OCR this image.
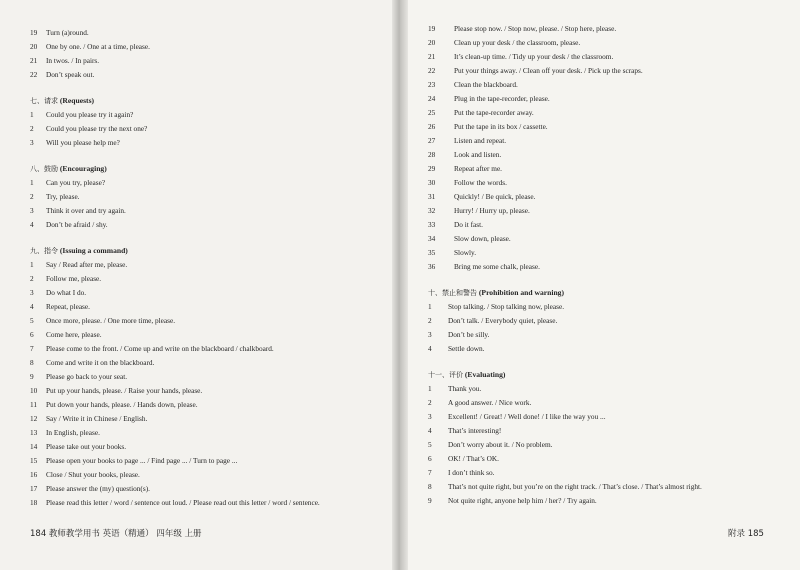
19	Turn (a)round.
20	One by one. / One at a time, please.
21	In twos. / In pairs.
22	Don’t speak out.
七、请求 (Requests)
1	Could you please try it again?
2	Could you please try the next one?
3	Will you please help me?
八、鼓励 (Encouraging)
1	Can you try, please?
2	Try, please.
3	Think it over and try again.
4	Don’t be afraid / shy.
九、指令 (Issuing a command)
1	Say / Read after me, please.
2	Follow me, please.
3	Do what I do.
4	Repeat, please.
5	Once more, please. / One more time, please.
6	Come here, please.
7	Please come to the front. / Come up and write on the blackboard / chalkboard.
8	Come and write it on the blackboard.
9	Please go back to your seat.
10	Put up your hands, please. / Raise your hands, please.
11	Put down your hands, please. / Hands down, please.
12	Say / Write it in Chinese / English.
13	In English, please.
14	Please take out your books.
15	Please open your books to page ... / Find page ... / Turn to page ...
16	Close / Shut your books, please.
17	Please answer the (my) question(s).
18	Please read this letter / word / sentence out loud. / Please read out this letter / word / sentence.
19	Please stop now. / Stop now, please. / Stop here, please.
20	Clean up your desk / the classroom, please.
21	It’s clean-up time. / Tidy up your desk / the classroom.
22	Put your things away. / Clean off your desk. / Pick up the scraps.
23	Clean the blackboard.
24	Plug in the tape-recorder, please.
25	Put the tape-recorder away.
26	Put the tape in its box / cassette.
27	Listen and repeat.
28	Look and listen.
29	Repeat after me.
30	Follow the words.
31	Quickly! / Be quick, please.
32	Hurry! / Hurry up, please.
33	Do it fast.
34	Slow down, please.
35	Slowly.
36	Bring me some chalk, please.
十、禁止和警告 (Prohibition and warning)
1	Stop talking. / Stop talking now, please.
2	Don’t talk. / Everybody quiet, please.
3	Don’t be silly.
4	Settle down.
十一、评价 (Evaluating)
1	Thank you.
2	A good answer. / Nice work.
3	Excellent! / Great! / Well done! / I like the way you ...
4	That’s interesting!
5	Don’t worry about it. / No problem.
6	OK! / That’s OK.
7	I don’t think so.
8	That’s not quite right, but you’re on the right track. / That’s close. / That’s almost right.
9	Not quite right, anyone help him / her? / Try again.
184 教师教学用书 英语（精通） 四年级 上册	附录 185
